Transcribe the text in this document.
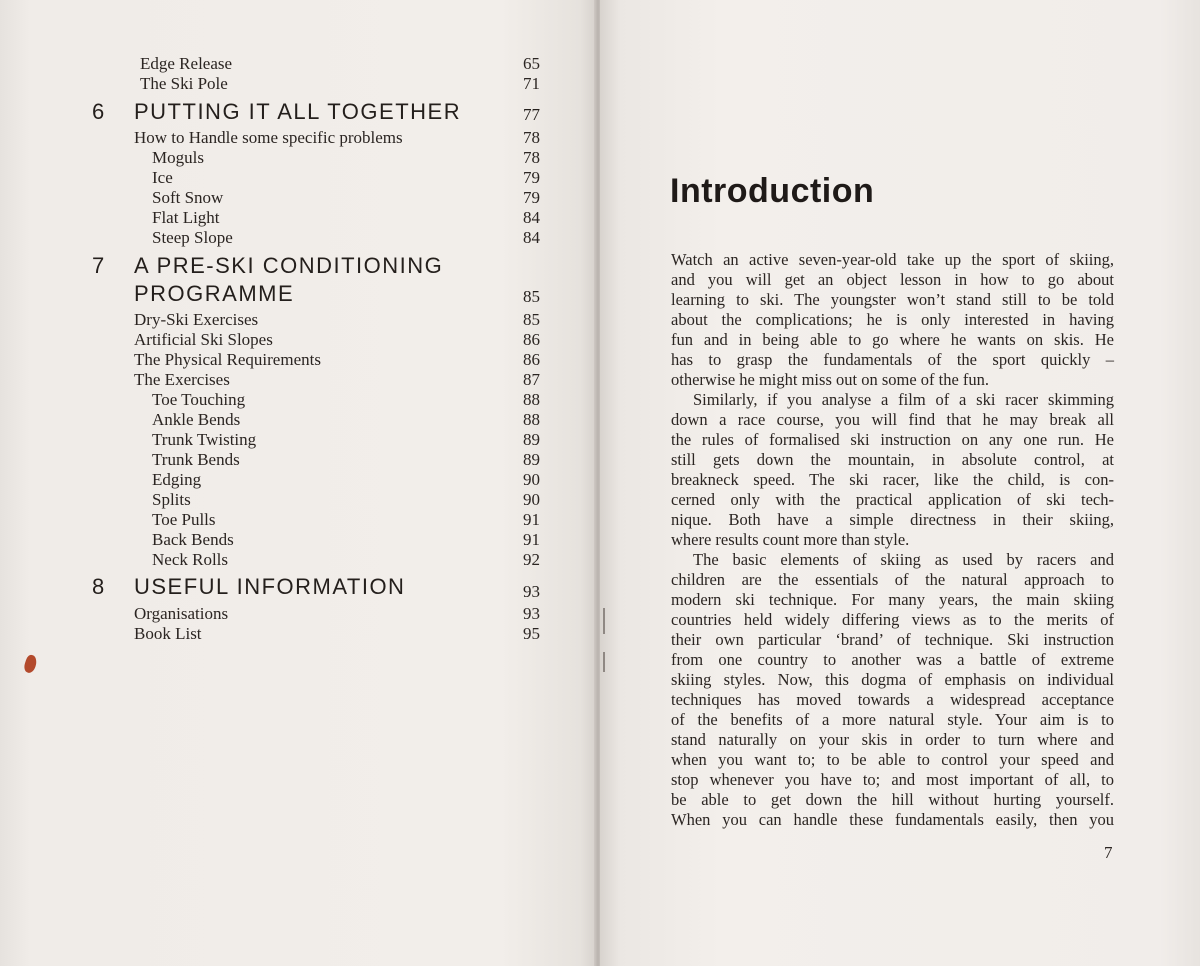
Edge Release	65
The Ski Pole	71
6 PUTTING IT ALL TOGETHER	77
How to Handle some specific problems	78
Moguls	78
Ice	79
Soft Snow	79
Flat Light	84
Steep Slope	84
7 A PRE-SKI CONDITIONING
PROGRAMME	85
Dry-Ski Exercises	85
Artificial Ski Slopes	86
The Physical Requirements	86
The Exercises	87
Toe Touching	88
Ankle Bends	88
Trunk Twisting	89
Trunk Bends	89
Edging	90
Splits	90
Toe Pulls	91
Back Bends	91
Neck Rolls	92
8 USEFUL INFORMATION	93
Organisations	93
Book List	95
Introduction
Watch an active seven-year-old take up the sport of skiing,
and you will get an object lesson in how to go about
learning to ski. The youngster won’t stand still to be told
about the complications; he is only interested in having
fun and in being able to go where he wants on skis. He
has to grasp the fundamentals of the sport quickly –
otherwise he might miss out on some of the fun.
Similarly, if you analyse a film of a ski racer skimming
down a race course, you will find that he may break all
the rules of formalised ski instruction on any one run. He
still gets down the mountain, in absolute control, at
breakneck speed. The ski racer, like the child, is con-
cerned only with the practical application of ski tech-
nique. Both have a simple directness in their skiing,
where results count more than style.
The basic elements of skiing as used by racers and
children are the essentials of the natural approach to
modern ski technique. For many years, the main skiing
countries held widely differing views as to the merits of
their own particular ‘brand’ of technique. Ski instruction
from one country to another was a battle of extreme
skiing styles. Now, this dogma of emphasis on individual
techniques has moved towards a widespread acceptance
of the benefits of a more natural style. Your aim is to
stand naturally on your skis in order to turn where and
when you want to; to be able to control your speed and
stop whenever you have to; and most important of all, to
be able to get down the hill without hurting yourself.
When you can handle these fundamentals easily, then you
7
